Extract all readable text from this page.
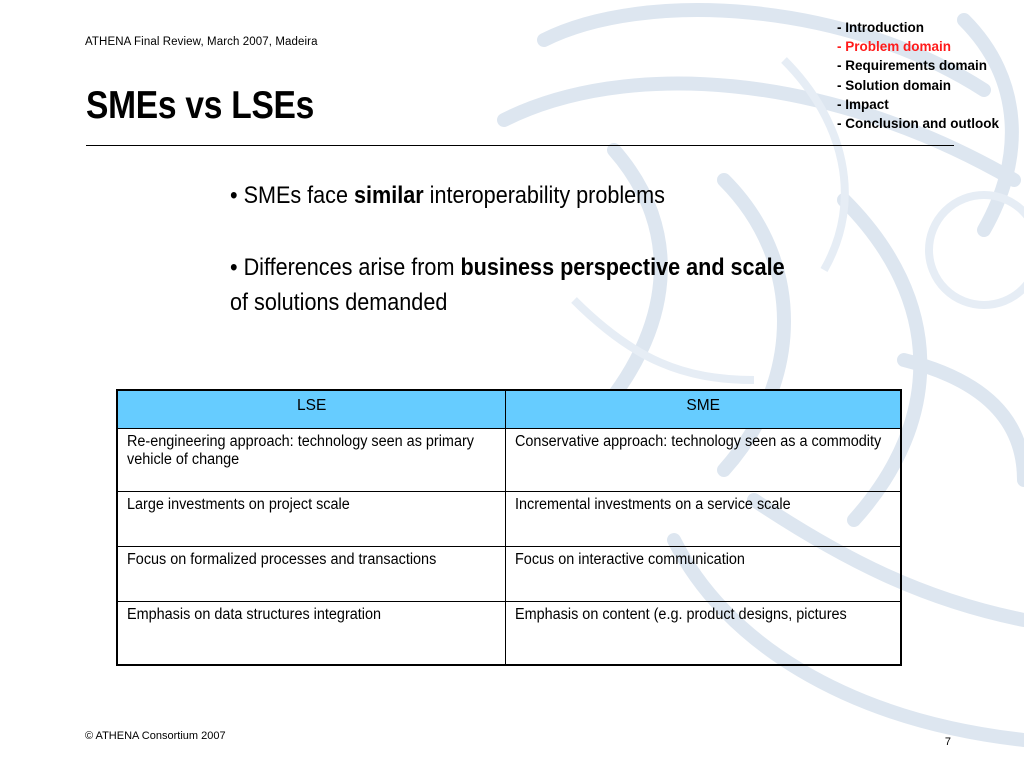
ATHENA Final Review, March 2007, Madeira
- Introduction
- Problem domain
- Requirements domain
- Solution domain
- Impact
- Conclusion and outlook
SMEs vs LSEs
• SMEs face similar interoperability problems
• Differences arise from business perspective and scale
of solutions demanded
LSE	SME

Re-engineering approach: technology seen as primary vehicle of change	Conservative approach: technology seen as a commodity

Large investments on project scale	Incremental investments on a service scale

Focus on formalized processes and transactions	Focus on interactive communication

Emphasis on data structures integration	Emphasis on content (e.g. product designs, pictures
© ATHENA Consortium 2007	7
